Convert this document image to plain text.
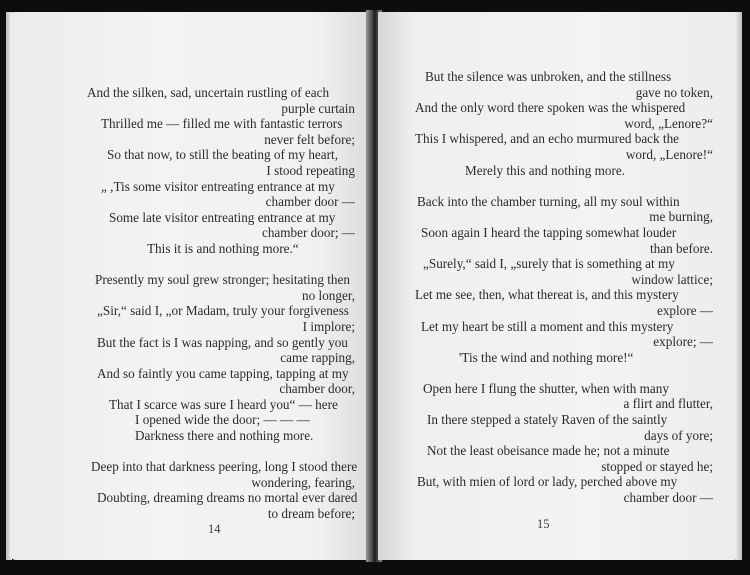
And the silken, sad, uncertain rustling of each
purple curtain
Thrilled me — filled me with fantastic terrors
never felt before;
So that now, to still the beating of my heart,
I stood repeating
„ ,Tis some visitor entreating entrance at my
chamber door —
Some late visitor entreating entrance at my
chamber door; —
This it is and nothing more.“
Presently my soul grew stronger; hesitating then
no longer,
„Sir,“ said I, „or Madam, truly your forgiveness
I implore;
But the fact is I was napping, and so gently you
came rapping,
And so faintly you came tapping, tapping at my
chamber door,
That I scarce was sure I heard you“ — here
I opened wide the door; — — —
Darkness there and nothing more.
Deep into that darkness peering, long I stood there
wondering, fearing,
Doubting, dreaming dreams no mortal ever dared
to dream before;
14
But the silence was unbroken, and the stillness
gave no token,
And the only word there spoken was the whispered
word, „Lenore?“
This I whispered, and an echo murmured back the
word, „Lenore!“
Merely this and nothing more.
Back into the chamber turning, all my soul within
me burning,
Soon again I heard the tapping somewhat louder
than before.
„Surely,“ said I, „surely that is something at my
window lattice;
Let me see, then, what thereat is, and this mystery
explore —
Let my heart be still a moment and this mystery
explore; —
'Tis the wind and nothing more!“
Open here I flung the shutter, when with many
a flirt and flutter,
In there stepped a stately Raven of the saintly
days of yore;
Not the least obeisance made he; not a minute
stopped or stayed he;
But, with mien of lord or lady, perched above my
chamber door —
15
